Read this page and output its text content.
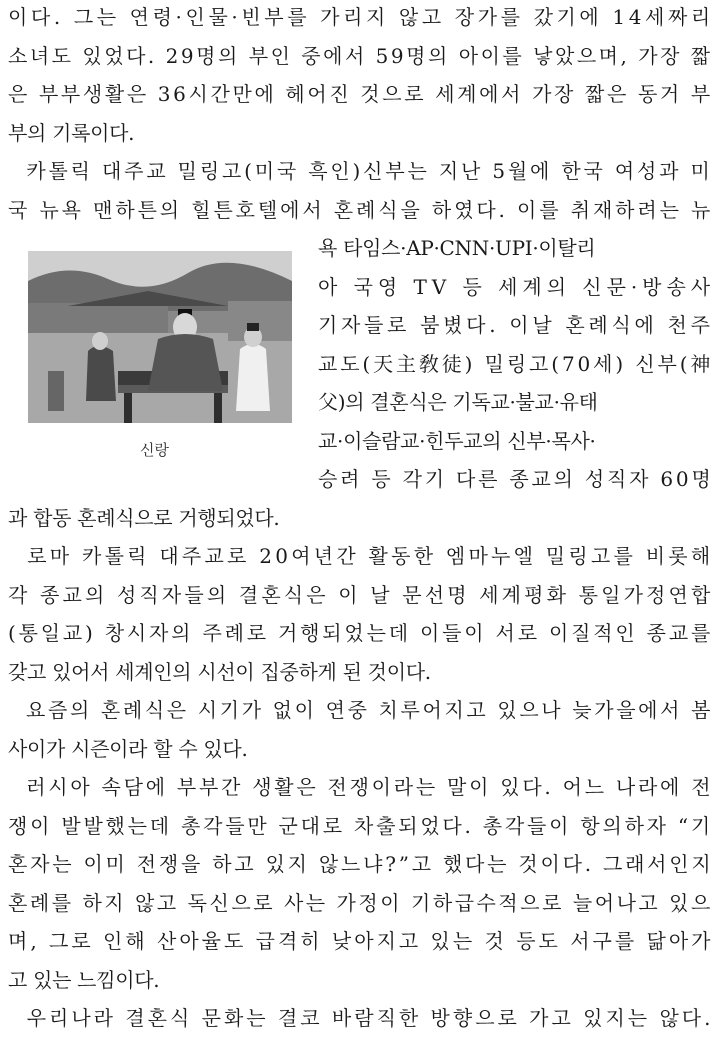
이다. 그는 연령·인물·빈부를 가리지 않고 장가를 갔기에 14세짜리
소녀도 있었다. 29명의 부인 중에서 59명의 아이를 낳았으며, 가장 짧
은 부부생활은 36시간만에 헤어진 것으로 세계에서 가장 짧은 동거 부
부의 기록이다.
카톨릭 대주교 밀링고(미국 흑인)신부는 지난 5월에 한국 여성과 미
국 뉴욕 맨하튼의 힐튼호텔에서 혼례식을 하였다. 이를 취재하려는 뉴
신랑
욕 타임스·AP·CNN·UPI·이탈리
아 국영 TV 등 세계의 신문·방송사
기자들로 붐볐다. 이날 혼례식에 천주
교도(天主敎徒) 밀링고(70세) 신부(神
父)의 결혼식은 기독교·불교·유태
교·이슬람교·힌두교의 신부·목사·
승려 등 각기 다른 종교의 성직자 60명
과 합동 혼례식으로 거행되었다.
로마 카톨릭 대주교로 20여년간 활동한 엠마누엘 밀링고를 비롯해
각 종교의 성직자들의 결혼식은 이 날 문선명 세계평화 통일가정연합
(통일교) 창시자의 주례로 거행되었는데 이들이 서로 이질적인 종교를
갖고 있어서 세계인의 시선이 집중하게 된 것이다.
요즘의 혼례식은 시기가 없이 연중 치루어지고 있으나 늦가을에서 봄
사이가 시즌이라 할 수 있다.
러시아 속담에 부부간 생활은 전쟁이라는 말이 있다. 어느 나라에 전
쟁이 발발했는데 총각들만 군대로 차출되었다. 총각들이 항의하자 “기
혼자는 이미 전쟁을 하고 있지 않느냐?”고 했다는 것이다. 그래서인지
혼례를 하지 않고 독신으로 사는 가정이 기하급수적으로 늘어나고 있으
며, 그로 인해 산아율도 급격히 낮아지고 있는 것 등도 서구를 닮아가
고 있는 느낌이다.
우리나라 결혼식 문화는 결코 바람직한 방향으로 가고 있지는 않다.
